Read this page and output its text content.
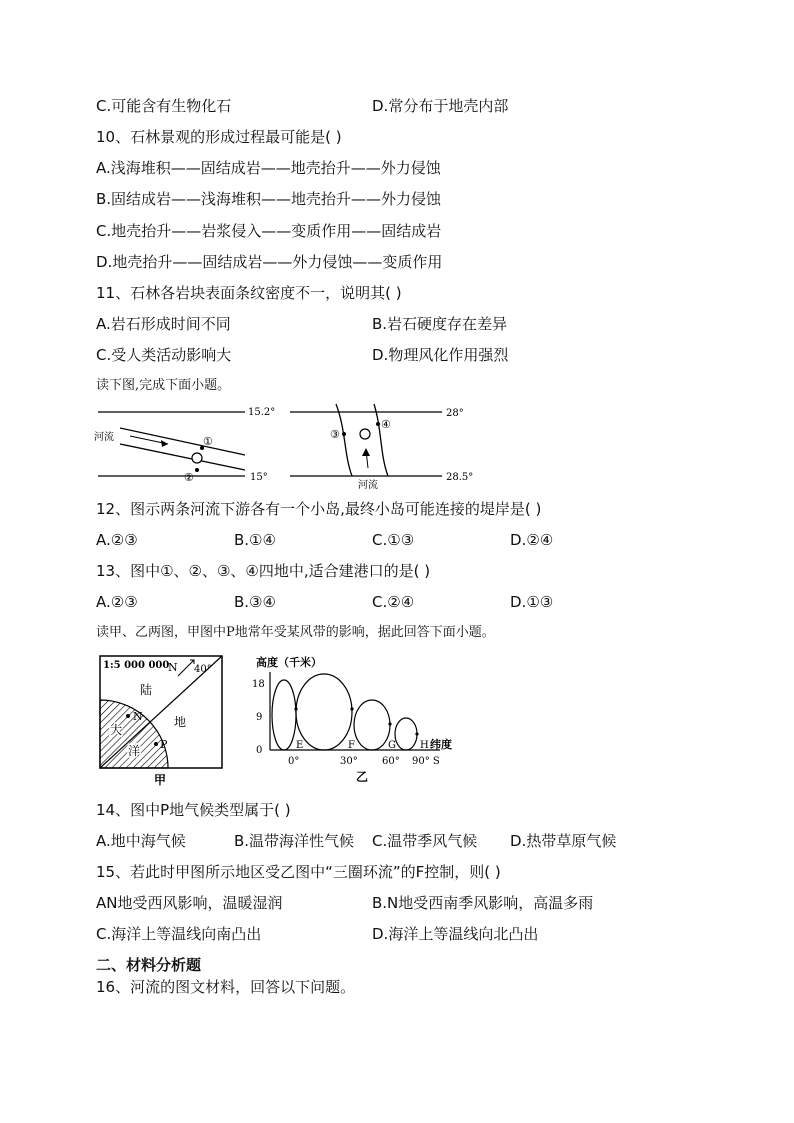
C.可能含有生物化石	D.常分布于地壳内部
10、石林景观的形成过程最可能是( )
A.浅海堆积——固结成岩——地壳抬升——外力侵蚀
B.固结成岩——浅海堆积——地壳抬升——外力侵蚀
C.地壳抬升——岩浆侵入——变质作用——固结成岩
D.地壳抬升——固结成岩——外力侵蚀——变质作用
11、石林各岩块表面条纹密度不一，说明其( )
A.岩石形成时间不同	B.岩石硬度存在差异
C.受人类活动影响大	D.物理风化作用强烈
读下图,完成下面小题。
15.2°
15°
河流	①
②
28°
28.5°
河流
③
④
12、图示两条河流下游各有一个小岛,最终小岛可能连接的堤岸是( )
A.②③	B.①④	C.①③	D.②④
13、图中①、②、③、④四地中,适合建港口的是( )
A.②③	B.③④	C.②④	D.①③
读甲、乙两图，甲图中P地常年受某风带的影响，据此回答下面小题。
1:5 000 000
N 40°
陆
地
大
洋
N
P
甲
高度（千米）
18
9
0	E	F	G H 纬度
0°	30° 60° 90° S
乙
14、图中P地气候类型属于( )
A.地中海气候	B.温带海洋性气候 C.温带季风气候 D.热带草原气候
15、若此时甲图所示地区受乙图中“三圈环流”的F控制，则( )
AN地受西风影响，温暖湿润	B.N地受西南季风影响，高温多雨
C.海洋上等温线向南凸出	D.海洋上等温线向北凸出
二、材料分析题
16、河流的图文材料，回答以下问题。
